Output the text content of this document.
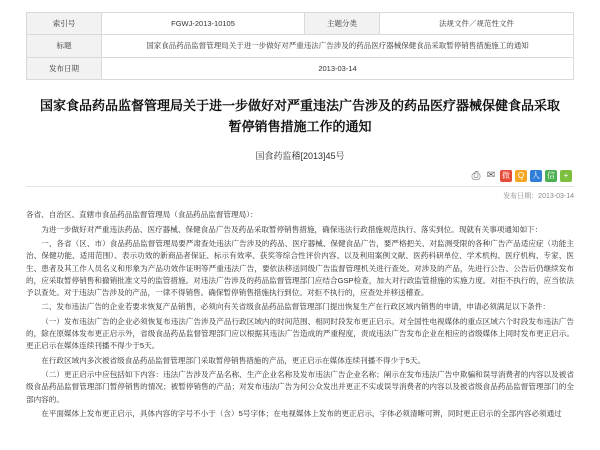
索引号	FGWJ-2013-10105	主题分类	法规文件／规范性文件
标题	国家食品药品监督管理局关于进一步做好对严重违法广告涉及的药品医疗器械保健食品采取暂停销售措施施工的通知		
发布日期	2013-03-14		
国家食品药品监督管理局关于进一步做好对严重违法广告涉及的药品医疗器械保健食品采取暂停销售措施工作的通知
国食药监稽[2013]45号
⎙ ✉ 微 Q 人 信	+
发布日期：2013-03-14

各省、自治区、直辖市食品药品监督管理局（食品药品监督管理局）：

为进一步做好对严重违法药品、医疗器械、保健食品广告及药品采取暂停销售措施，确保违法行政措施规范执行、落实到位。现就有关事项通知如下：

一、各省（区、市）食品药品监督管理局要严肃查处违法广告涉及的药品、医疗器械、保健食品广告，要严格把关、对监测受限的各种广告产品适应症（功能主治、保健功能、适用范围）、表示功效的新商品者保证、标示有效率、获奖等综合性评价内容、以及利用案例文献、医药科研单位、学术机构、医疗机构、专家、医生、患者及其工作人员名义和形象为产品功效作证明等严重违法广告，要依法移送同级广告监督管理机关进行查处。对涉及的产品，先进行公告、公告后仍继续发布的，应采取暂停销售和撤销批准文号的监管措施。对违法广告涉及的药品监督管理部门应结合GSP检查，加大对行政监管措施的实施力度。对拒不执行的，应当依法予以查处。对于违法广告涉及的产品，一律不得销售。确保暂停销售措施执行到位。对拒不执行的，应查处并移送稽查。

二、发布违法广告的企业若要求恢复产品销售，必须向有关省级食品药品监督管理部门提出恢复生产在行政区域内销售的申请，申请必须满足以下条件：

（一）发布违法广告的企业必须恢复布违法广告涉及产品行政区域内的时间范围、相同时段发布更正启示。对全国性电视媒体的重点区域六个时段发布违法广告的，除在原媒体发布更正启示外，省级食品药品监督管理部门应以根据其违法广告造成的严重程度，责成违法广告发布企业在相应的省级媒体上同时发布更正启示。更正启示在媒体连续刊播不得少于5天。

在行政区域内多次被省级食品药品监督管理部门采取暂停销售措施的产品，更正启示在媒体连续刊播不得少于5天。

（二）更正启示中应包括如下内容：违法广告涉及产品名称、生产企业名称及发布违法广告企业名称；阐示在发布违法广告中欺骗和误导消费者的内容以及被省级食品药品监督管理部门暂停销售的情况；被暂停销售的产品；对发布违法广告为何公众发出并更正不实或误导消费者的内容以及被省级食品药品监督管理部门的全部内容的。

在平面媒体上发布更正启示，具体内容的字号不小于（含）5号字体；在电视媒体上发布的更正启示，字体必须清晰可辨，同时更正启示的全部内容必须通过
